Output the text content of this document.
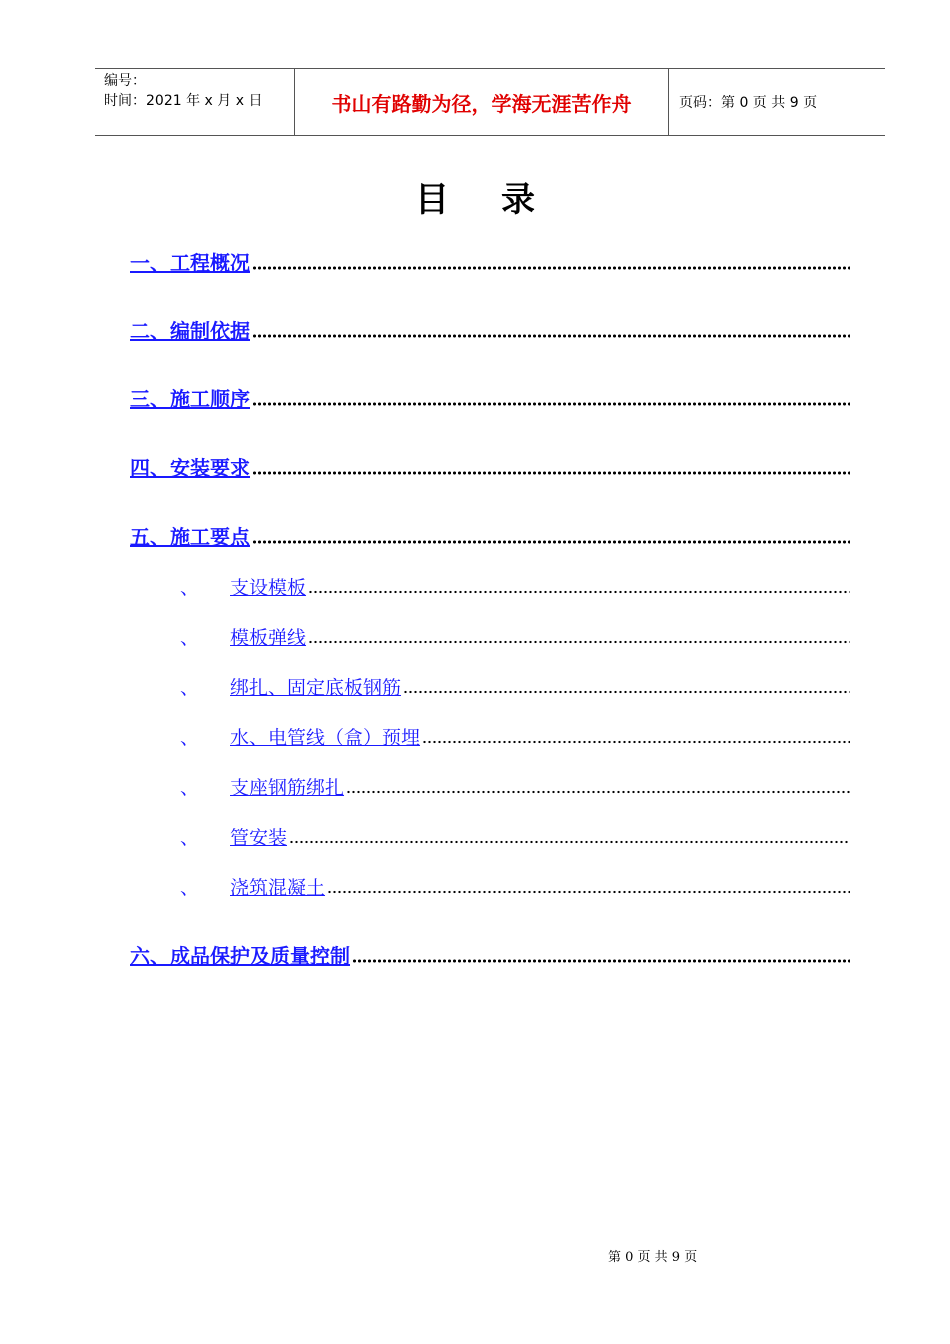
编号：
时间：2021 年 x 月 x 日	书山有路勤为径，学海无涯苦作舟	页码：第 0 页 共 9 页
目录
一、工程概况
二、编制依据
三、施工顺序
四、安装要求
五、施工要点
、 支设模板
、 模板弹线
、 绑扎、固定底板钢筋
、 水、电管线（盒）预埋
、 支座钢筋绑扎
、 管安装
、 浇筑混凝土
六、成品保护及质量控制
第 0 页 共 9 页
